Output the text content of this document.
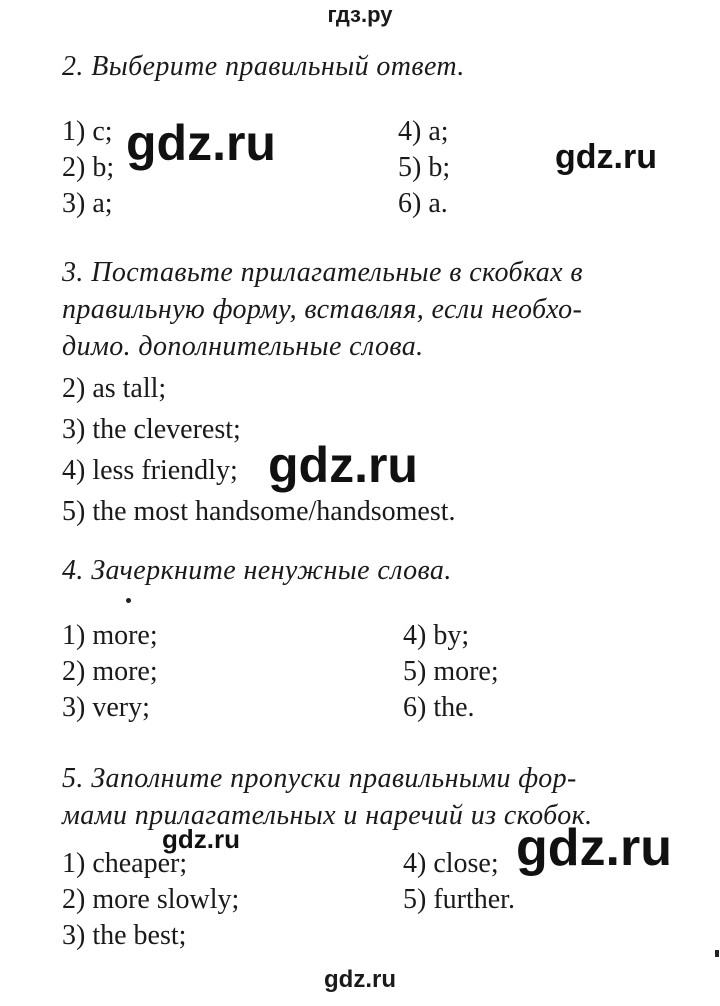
гдз.ру
2. Выберите правильный ответ.
1) c;
2) b;
3) a;
4) a;
5) b;
6) a.
3. Поставьте прилагательные в скобках в
правильную форму, вставляя, если необхо-
димо. дополнительные слова.
2) as tall;
3) the cleverest;
4) less friendly;
5) the most handsome/handsomest.
4. Зачеркните ненужные слова.
1) more;
2) more;
3) very;
4) by;
5) more;
6) the.
5. Заполните пропуски правильными фор-
мами прилагательных и наречий из скобок.
1) cheaper;
2) more slowly;
3) the best;
4) close;
5) further.
gdz.ru	gdz.ru
gdz.ru
gdz.ru	gdz.ru
gdz.ru
